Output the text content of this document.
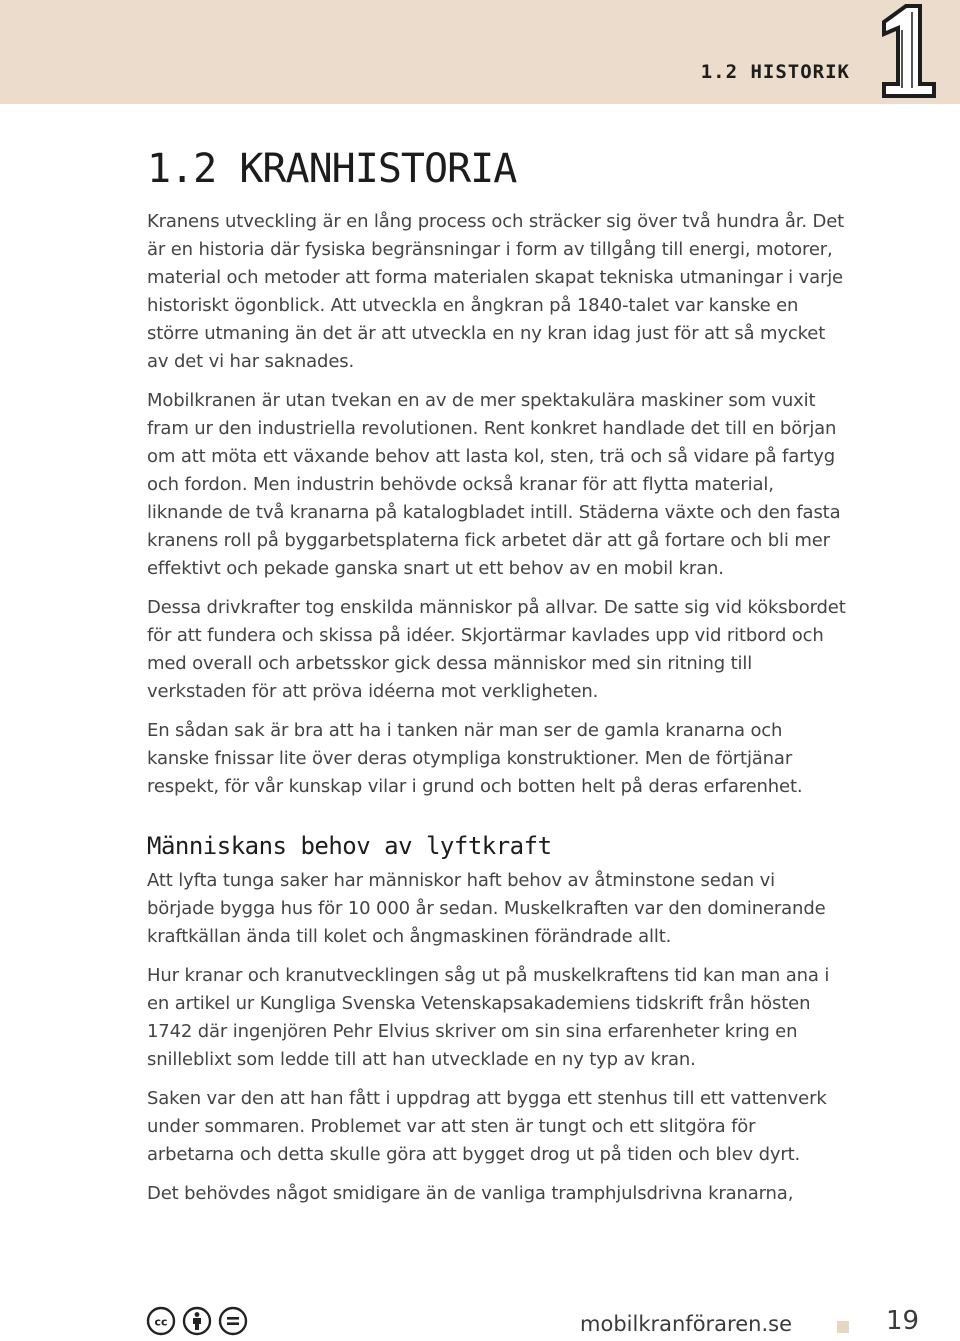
1.2 HISTORIK
1.2 KRANHISTORIA

Kranens utveckling är en lång process och sträcker sig över två hundra år. Det är en historia där fysiska begränsningar i form av tillgång till energi, motorer, material och metoder att forma materialen skapat tekniska utmaningar i varje historiskt ögonblick. Att utveckla en ångkran på 1840-talet var kanske en större utmaning än det är att utveckla en ny kran idag just för att så mycket av det vi har saknades.

Mobilkranen är utan tvekan en av de mer spektakulära maskiner som vuxit fram ur den industriella revolutionen. Rent konkret handlade det till en början om att möta ett växande behov att lasta kol, sten, trä och så vidare på fartyg och fordon. Men industrin behövde också kranar för att flytta material, liknande de två kranarna på katalogbladet intill. Städerna växte och den fasta kranens roll på byggarbetsplaterna fick arbetet där att gå fortare och bli mer effektivt och pekade ganska snart ut ett behov av en mobil kran.

Dessa drivkrafter tog enskilda människor på allvar. De satte sig vid köksbordet för att fundera och skissa på idéer. Skjortärmar kavlades upp vid ritbord och med overall och arbetsskor gick dessa människor med sin ritning till verkstaden för att pröva idéerna mot verkligheten.

En sådan sak är bra att ha i tanken när man ser de gamla kranarna och kanske fnissar lite över deras otympliga konstruktioner. Men de förtjänar respekt, för vår kunskap vilar i grund och botten helt på deras erfarenhet.

Människans behov av lyftkraft

Att lyfta tunga saker har människor haft behov av åtminstone sedan vi började bygga hus för 10 000 år sedan. Muskelkraften var den dominerande kraftkällan ända till kolet och ångmaskinen förändrade allt.

Hur kranar och kranutvecklingen såg ut på muskelkraftens tid kan man ana i en artikel ur Kungliga Svenska Vetenskapsakademiens tidskrift från hösten 1742 där ingenjören Pehr Elvius skriver om sin sina erfarenheter kring en snilleblixt som ledde till att han utvecklade en ny typ av kran.

Saken var den att han fått i uppdrag att bygga ett stenhus till ett vattenverk under sommaren. Problemet var att sten är tungt och ett slitgöra för arbetarna och detta skulle göra att bygget drog ut på tiden och blev dyrt.

Det behövdes något smidigare än de vanliga tramphjulsdrivna kranarna,

cc	mobilkranföraren.se	19
